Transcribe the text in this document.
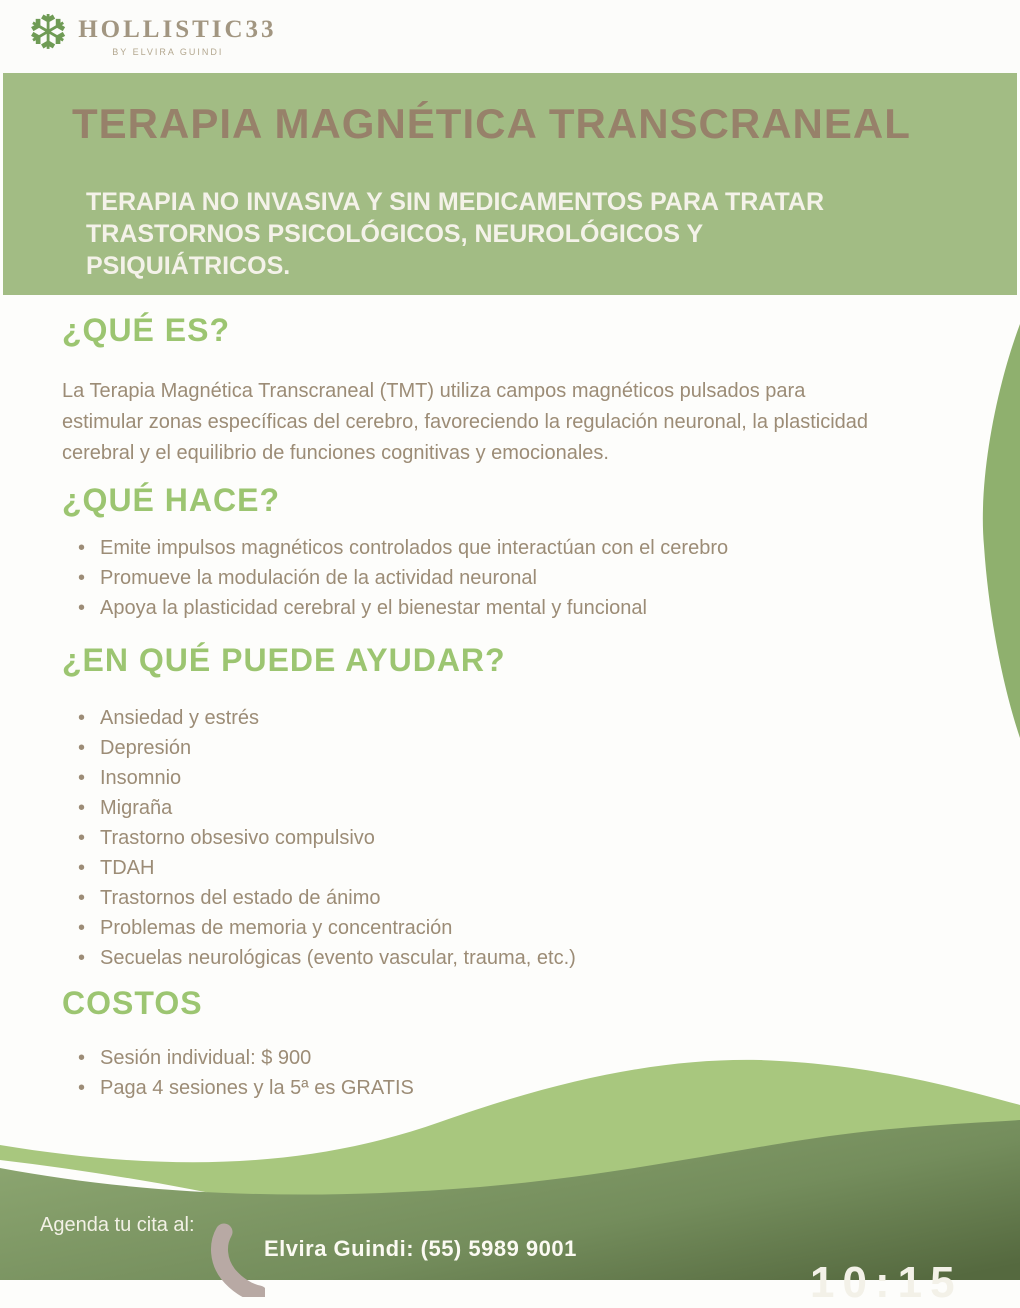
❆ HOLLISTIC33
BY ELVIRA GUINDI
TERAPIA MAGNÉTICA TRANSCRANEAL
TERAPIA NO INVASIVA Y SIN MEDICAMENTOS PARA TRATAR TRASTORNOS PSICOLÓGICOS, NEUROLÓGICOS Y PSIQUIÁTRICOS.
¿QUÉ ES?
La Terapia Magnética Transcraneal (TMT) utiliza campos magnéticos pulsados para estimular zonas específicas del cerebro, favoreciendo la regulación neuronal, la plasticidad cerebral y el equilibrio de funciones cognitivas y emocionales.
¿QUÉ HACE?
• Emite impulsos magnéticos controlados que interactúan con el cerebro
• Promueve la modulación de la actividad neuronal
• Apoya la plasticidad cerebral y el bienestar mental y funcional
¿EN QUÉ PUEDE AYUDAR?
• Ansiedad y estrés
• Depresión
• Insomnio
• Migraña
• Trastorno obsesivo compulsivo
• TDAH
• Trastornos del estado de ánimo
• Problemas de memoria y concentración
• Secuelas neurológicas (evento vascular, trauma, etc.)
COSTOS
• Sesión individual: $ 900
• Paga 4 sesiones y la 5ª es GRATIS
Agenda tu cita al:
Elvira Guindi: (55) 5989 9001
10:15
